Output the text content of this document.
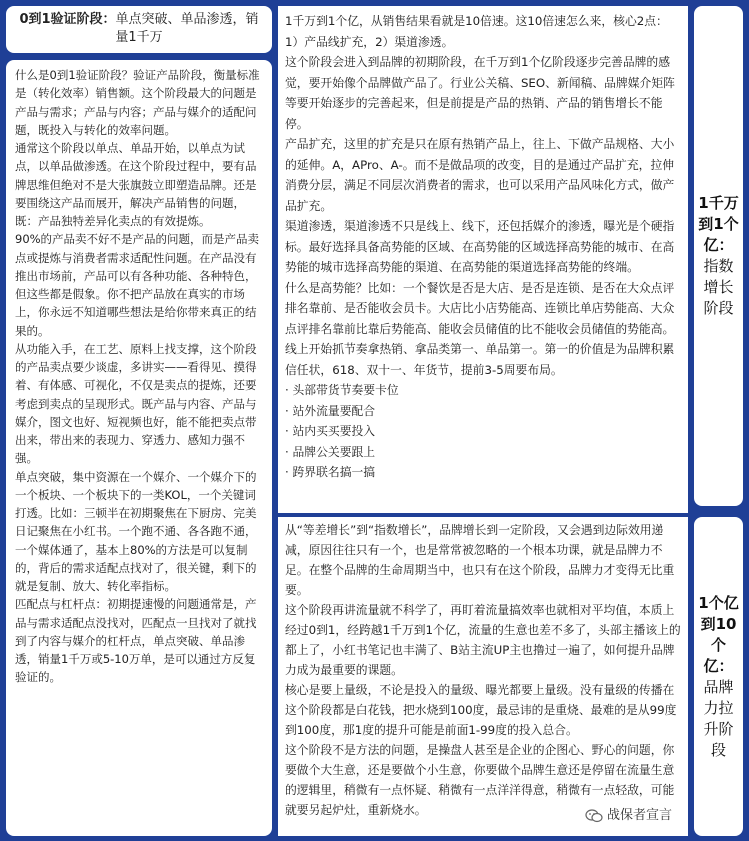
0到1验证阶段：单点突破、单品渗透，销量1千万

什么是0到1验证阶段？验证产品阶段，衡量标准是（转化效率）销售额。这个阶段最大的问题是产品与需求；产品与内容；产品与媒介的适配问题，既投入与转化的效率问题。

通常这个阶段以单点、单品开始，以单点为试点，以单品做渗透。在这个阶段过程中，要有品牌思维但绝对不是大张旗鼓立即塑造品牌。还是要围绕这产品而展开，解决产品销售的问题，既：产品独特差异化卖点的有效提炼。

90%的产品卖不好不是产品的问题，而是产品卖点或提炼与消费者需求适配性问题。在产品没有推出市场前，产品可以有各种功能、各种特色，但这些都是假象。你不把产品放在真实的市场上，你永远不知道哪些想法是给你带来真正的结果的。

从功能入手，在工艺、原料上找支撑，这个阶段的产品卖点要少谈虚，多讲实——看得见、摸得着、有体感、可视化，不仅是卖点的提炼，还要考虑到卖点的呈现形式。既产品与内容、产品与媒介，图文也好、短视频也好，能不能把卖点带出来，带出来的表现力、穿透力、感知力强不强。

单点突破，集中资源在一个媒介、一个媒介下的一个板块、一个板块下的一类KOL，一个关键词打透。比如：三顿半在初期聚焦在下厨房、完美日记聚焦在小红书。一个跑不通、各各跑不通，一个媒体通了，基本上80%的方法是可以复制的，背后的需求适配点找对了，很关键，剩下的就是复制、放大、转化率指标。

匹配点与杠杆点：初期提速慢的问题通常是，产品与需求适配点没找对，匹配点一旦找对了就找到了内容与媒介的杠杆点，单点突破、单品渗透，销量1千万或5-10万单，是可以通过方反复验证的。

1千万到1个亿，从销售结果看就是10倍速。这10倍速怎么来，核心2点：1）产品线扩充，2）渠道渗透。

这个阶段会进入到品牌的初期阶段，在千万到1个亿阶段逐步完善品牌的感觉，要开始像个品牌做产品了。行业公关稿、SEO、新闻稿、品牌媒介矩阵等要开始逐步的完善起来，但是前提是产品的热销、产品的销售增长不能停。

产品扩充，这里的扩充是只在原有热销产品上，往上、下做产品规格、大小的延伸。A，APro、A-。而不是做品项的改变，目的是通过产品扩充，拉伸消费分层，满足不同层次消费者的需求，也可以采用产品风味化方式，做产品扩充。

渠道渗透，渠道渗透不只是线上、线下，还包括媒介的渗透，曝光是个硬指标。最好选择具备高势能的区域、在高势能的区域选择高势能的城市、在高势能的城市选择高势能的渠道、在高势能的渠道选择高势能的终端。

什么是高势能？比如：一个餐饮是否是大店、是否是连锁、是否在大众点评排名靠前、是否能收会员卡。大店比小店势能高、连锁比单店势能高、大众点评排名靠前比靠后势能高、能收会员储值的比不能收会员储值的势能高。

线上开始抓节奏拿热销、拿品类第一、单品第一。第一的价值是为品牌积累信任状，618、双十一、年货节，提前3-5周要布局。

· 头部带货节奏要卡位

· 站外流量要配合

· 站内买买要投入

· 品牌公关要跟上

· 跨界联名搞一搞

从“等差增长”到“指数增长”，品牌增长到一定阶段，又会遇到边际效用递减，原因往往只有一个，也是常常被忽略的一个根本功课，就是品牌力不足。在整个品牌的生命周期当中，也只有在这个阶段，品牌力才变得无比重要。

这个阶段再讲流量就不科学了，再盯着流量搞效率也就相对平均值，本质上经过0到1，经跨越1千万到1个亿，流量的生意也差不多了，头部主播该上的都上了，小红书笔记也丰满了、B站主流UP主也撸过一遍了，如何提升品牌力成为最重要的课题。

核心是要上量级，不论是投入的量级、曝光都要上量级。没有量级的传播在这个阶段都是白花钱，把水烧到100度，最忌讳的是重烧、最难的是从99度到100度，那1度的提升可能是前面1-99度的投入总合。

这个阶段不是方法的问题，是操盘人甚至是企业的企图心、野心的问题，你要做个大生意，还是要做个小生意，你要做个品牌生意还是停留在流量生意的逻辑里，稍微有一点怀疑、稍微有一点洋洋得意，稍微有一点轻敌，可能就要另起炉灶，重新烧水。	战保者宣言
1千万到1个亿：
指数增长阶段
1个亿到10个亿：
品牌力拉升阶段
